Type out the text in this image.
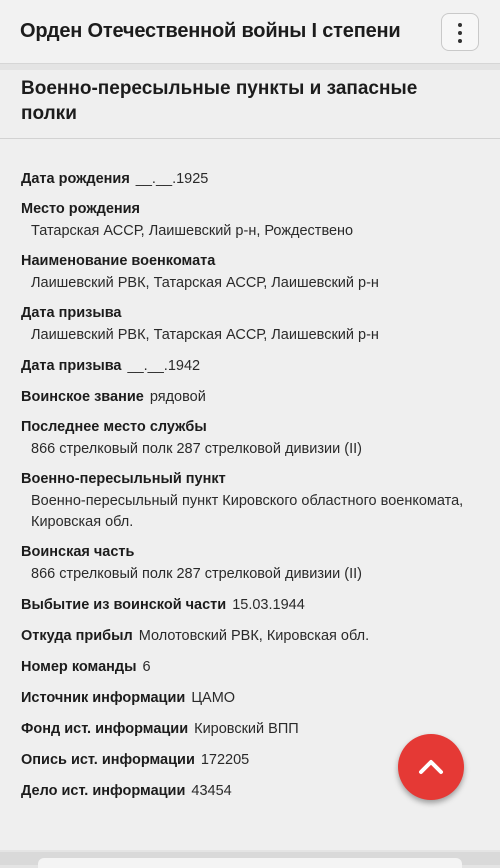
Орден Отечественной войны I степени
Военно-пересыльные пункты и запасные полки
Дата рождения __.__.1925
Место рождения
Татарская АССР, Лаишевский р-н, Рождествено
Наименование военкомата
Лаишевский РВК, Татарская АССР, Лаишевский р-н
Дата призыва
Лаишевский РВК, Татарская АССР, Лаишевский р-н
Дата призыва __.__.1942
Воинское звание рядовой
Последнее место службы
866 стрелковый полк 287 стрелковой дивизии (II)
Военно-пересыльный пункт
Военно-пересыльный пункт Кировского областного военкомата, Кировская обл.
Воинская часть
866 стрелковый полк 287 стрелковой дивизии (II)
Выбытие из воинской части 15.03.1944
Откуда прибыл Молотовский РВК, Кировская обл.
Номер команды 6
Источник информации ЦАМО
Фонд ист. информации Кировский ВПП
Опись ист. информации 172205
Дело ист. информации 43454
